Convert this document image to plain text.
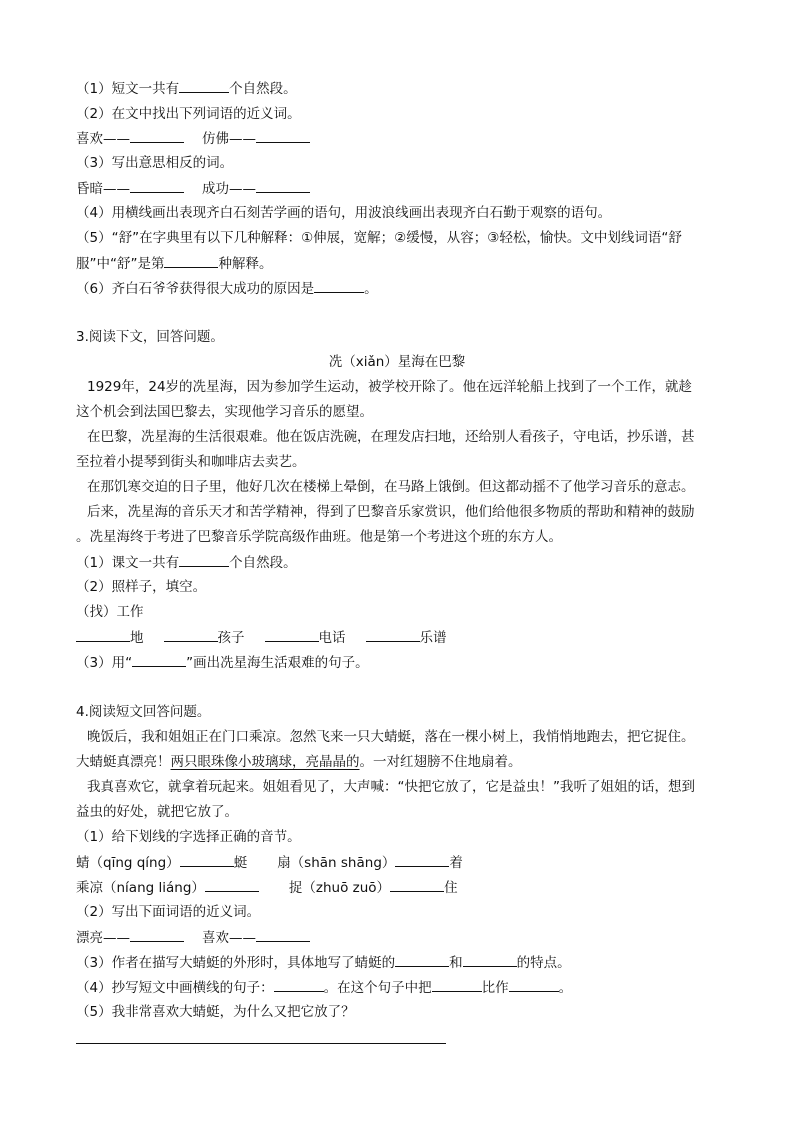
（1）短文一共有	个自然段。
（2）在文中找出下列词语的近义词。
喜欢——	仿佛——
（3）写出意思相反的词。
昏暗——	成功——
（4）用横线画出表现齐白石刻苦学画的语句，用波浪线画出表现齐白石勤于观察的语句。
（5）“舒”在字典里有以下几种解释：①伸展，宽解；②缓慢，从容；③轻松，愉快。文中划线词语“舒
服”中“舒”是第	种解释。
（6）齐白石爷爷获得很大成功的原因是	。
3.阅读下文，回答问题。
冼（xiǎn）星海在巴黎
1929年，24岁的冼星海，因为参加学生运动，被学校开除了。他在远洋轮船上找到了一个工作，就趁
这个机会到法国巴黎去，实现他学习音乐的愿望。
在巴黎，冼星海的生活很艰难。他在饭店洗碗，在理发店扫地，还给别人看孩子，守电话，抄乐谱，甚
至拉着小提琴到街头和咖啡店去卖艺。
在那饥寒交迫的日子里，他好几次在楼梯上晕倒，在马路上饿倒。但这都动摇不了他学习音乐的意志。
后来，冼星海的音乐天才和苦学精神，得到了巴黎音乐家赏识，他们给他很多物质的帮助和精神的鼓励
。冼星海终于考进了巴黎音乐学院高级作曲班。他是第一个考进这个班的东方人。
（1）课文一共有	个自然段。
（2）照样子，填空。
（找）工作
地	孩子	电话	乐谱
（3）用“	”画出冼星海生活艰难的句子。
4.阅读短文回答问题。
晚饭后，我和姐姐正在门口乘凉。忽然飞来一只大蜻蜓，落在一棵小树上，我悄悄地跑去，把它捉住。
大蜻蜓真漂亮！两只眼珠像小玻璃球，亮晶晶的。一对红翅膀不住地扇着。
我真喜欢它，就拿着玩起来。姐姐看见了，大声喊：“快把它放了，它是益虫！”我听了姐姐的话，想到
益虫的好处，就把它放了。
（1）给下划线的字选择正确的音节。
蜻（qīng qíng）	蜓 扇（shān shāng）	着
乘凉（níang liáng）	捉（zhuō zuō）	住
（2）写出下面词语的近义词。
漂亮——	喜欢——
（3）作者在描写大蜻蜓的外形时，具体地写了蜻蜓的	和	的特点。
（4）抄写短文中画横线的句子：	。在这个句子中把	比作	。
（5）我非常喜欢大蜻蜓，为什么又把它放了？
